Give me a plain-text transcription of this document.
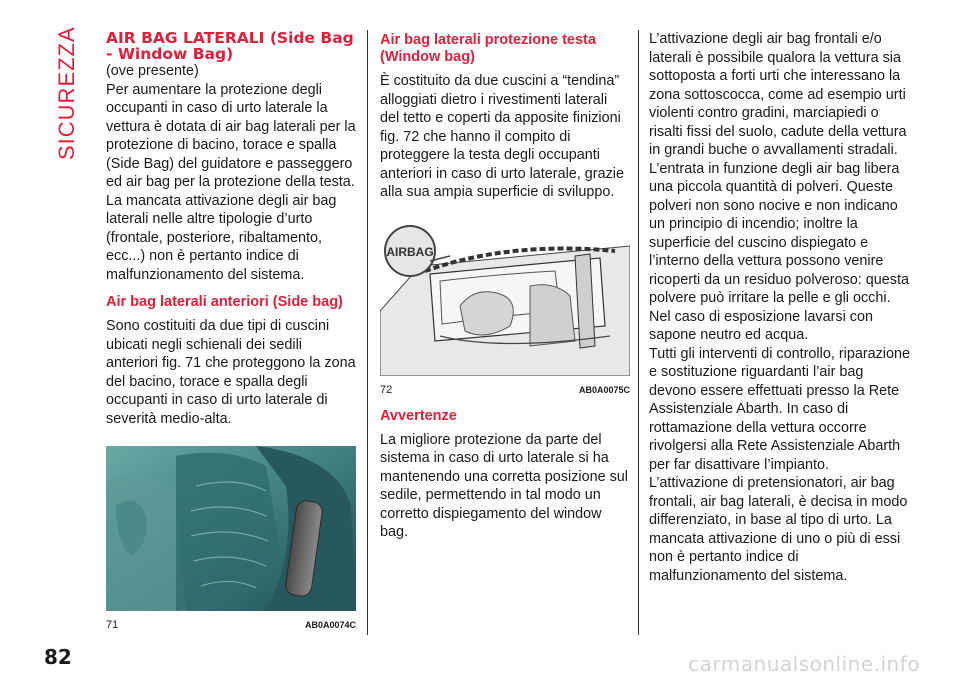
SICUREZZA AIR BAG LATERALI (Side Bag - Window Bag)

(ove presente)

Per aumentare la protezione degli occupanti in caso di urto laterale la vettura è dotata di air bag laterali per la protezione di bacino, torace e spalla (Side Bag) del guidatore e passeggero ed air bag per la protezione della testa. La mancata attivazione degli air bag laterali nelle altre tipologie d’urto (frontale, posteriore, ribaltamento, ecc...) non è pertanto indice di malfunzionamento del sistema.

Air bag laterali anteriori (Side bag)

Sono costituiti da due tipi di cuscini ubicati negli schienali dei sedili anteriori fig. 71 che proteggono la zona del bacino, torace e spalla degli occupanti in caso di urto laterale di severità medio-alta.

71	AB0A0074C
Air bag laterali protezione testa (Window bag)

È costituito da due cuscini a “tendina” alloggiati dietro i rivestimenti laterali del tetto e coperti da apposite finizioni fig. 72 che hanno il compito di proteggere la testa degli occupanti anteriori in caso di urto laterale, grazie alla sua ampia superficie di sviluppo.

AIRBAG
72	AB0A0075C
Avvertenze

La migliore protezione da parte del sistema in caso di urto laterale si ha mantenendo una corretta posizione sul sedile, permettendo in tal modo un corretto dispiegamento del window bag.

L’attivazione degli air bag frontali e/o laterali è possibile qualora la vettura sia sottoposta a forti urti che interessano la zona sottoscocca, come ad esempio urti violenti contro gradini, marciapiedi o risalti fissi del suolo, cadute della vettura in grandi buche o avvallamenti stradali.

L’entrata in funzione degli air bag libera una piccola quantità di polveri. Queste polveri non sono nocive e non indicano un principio di incendio; inoltre la superficie del cuscino dispiegato e l’interno della vettura possono venire ricoperti da un residuo polveroso: questa polvere può irritare la pelle e gli occhi. Nel caso di esposizione lavarsi con sapone neutro ed acqua.

Tutti gli interventi di controllo, riparazione e sostituzione riguardanti l’air bag devono essere effettuati presso la Rete Assistenziale Abarth. In caso di rottamazione della vettura occorre rivolgersi alla Rete Assistenziale Abarth per far disattivare l’impianto.

L’attivazione di pretensionatori, air bag frontali, air bag laterali, è decisa in modo differenziato, in base al tipo di urto. La mancata attivazione di uno o più di essi non è pertanto indice di malfunzionamento del sistema.

82	carmanualsonline.info
